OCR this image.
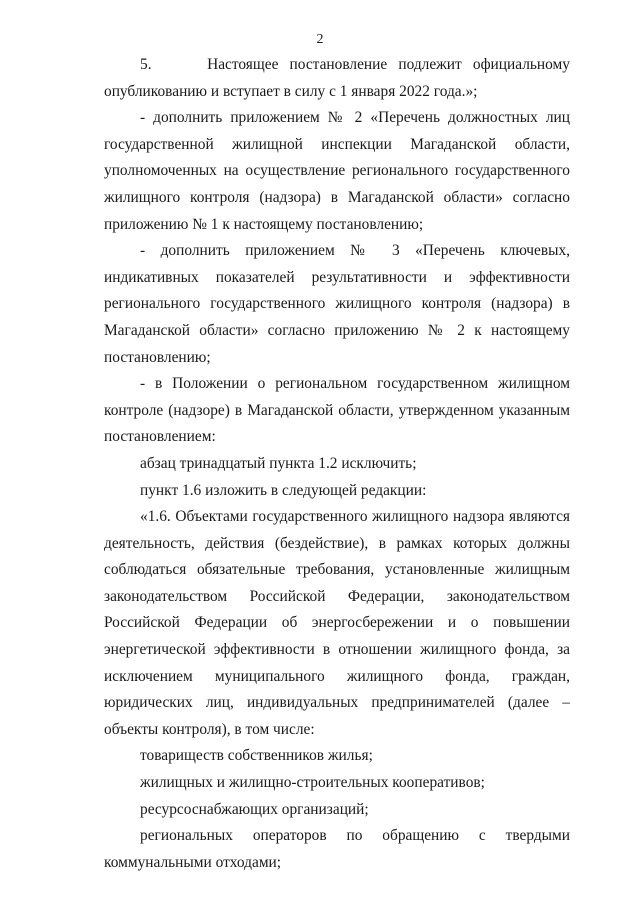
2

5.     Настоящее постановление подлежит официальному опубликованию и вступает в силу с 1 января 2022 года.»;

- дополнить приложением № 2 «Перечень должностных лиц государственной жилищной инспекции Магаданской области, уполномоченных на осуществление регионального государственного жилищного контроля (надзора) в Магаданской области» согласно приложению № 1 к настоящему постановлению;

- дополнить приложением № 3 «Перечень ключевых, индикативных показателей результативности и эффективности регионального государственного жилищного контроля (надзора) в Магаданской области» согласно приложению № 2 к настоящему постановлению;

- в Положении о региональном государственном жилищном контроле (надзоре) в Магаданской области, утвержденном указанным постановлением:

абзац тринадцатый пункта 1.2 исключить;

пункт 1.6 изложить в следующей редакции:

«1.6. Объектами государственного жилищного надзора являются деятельность, действия (бездействие), в рамках которых должны соблюдаться обязательные требования, установленные жилищным законодательством Российской Федерации, законодательством Российской Федерации об энергосбережении и о повышении энергетической эффективности в отношении жилищного фонда, за исключением муниципального жилищного фонда, граждан, юридических лиц, индивидуальных предпринимателей (далее – объекты контроля), в том числе:

товариществ собственников жилья;

жилищных и жилищно-строительных кооперативов;

ресурсоснабжающих организаций;

региональных операторов по обращению с твердыми коммунальными отходами;
